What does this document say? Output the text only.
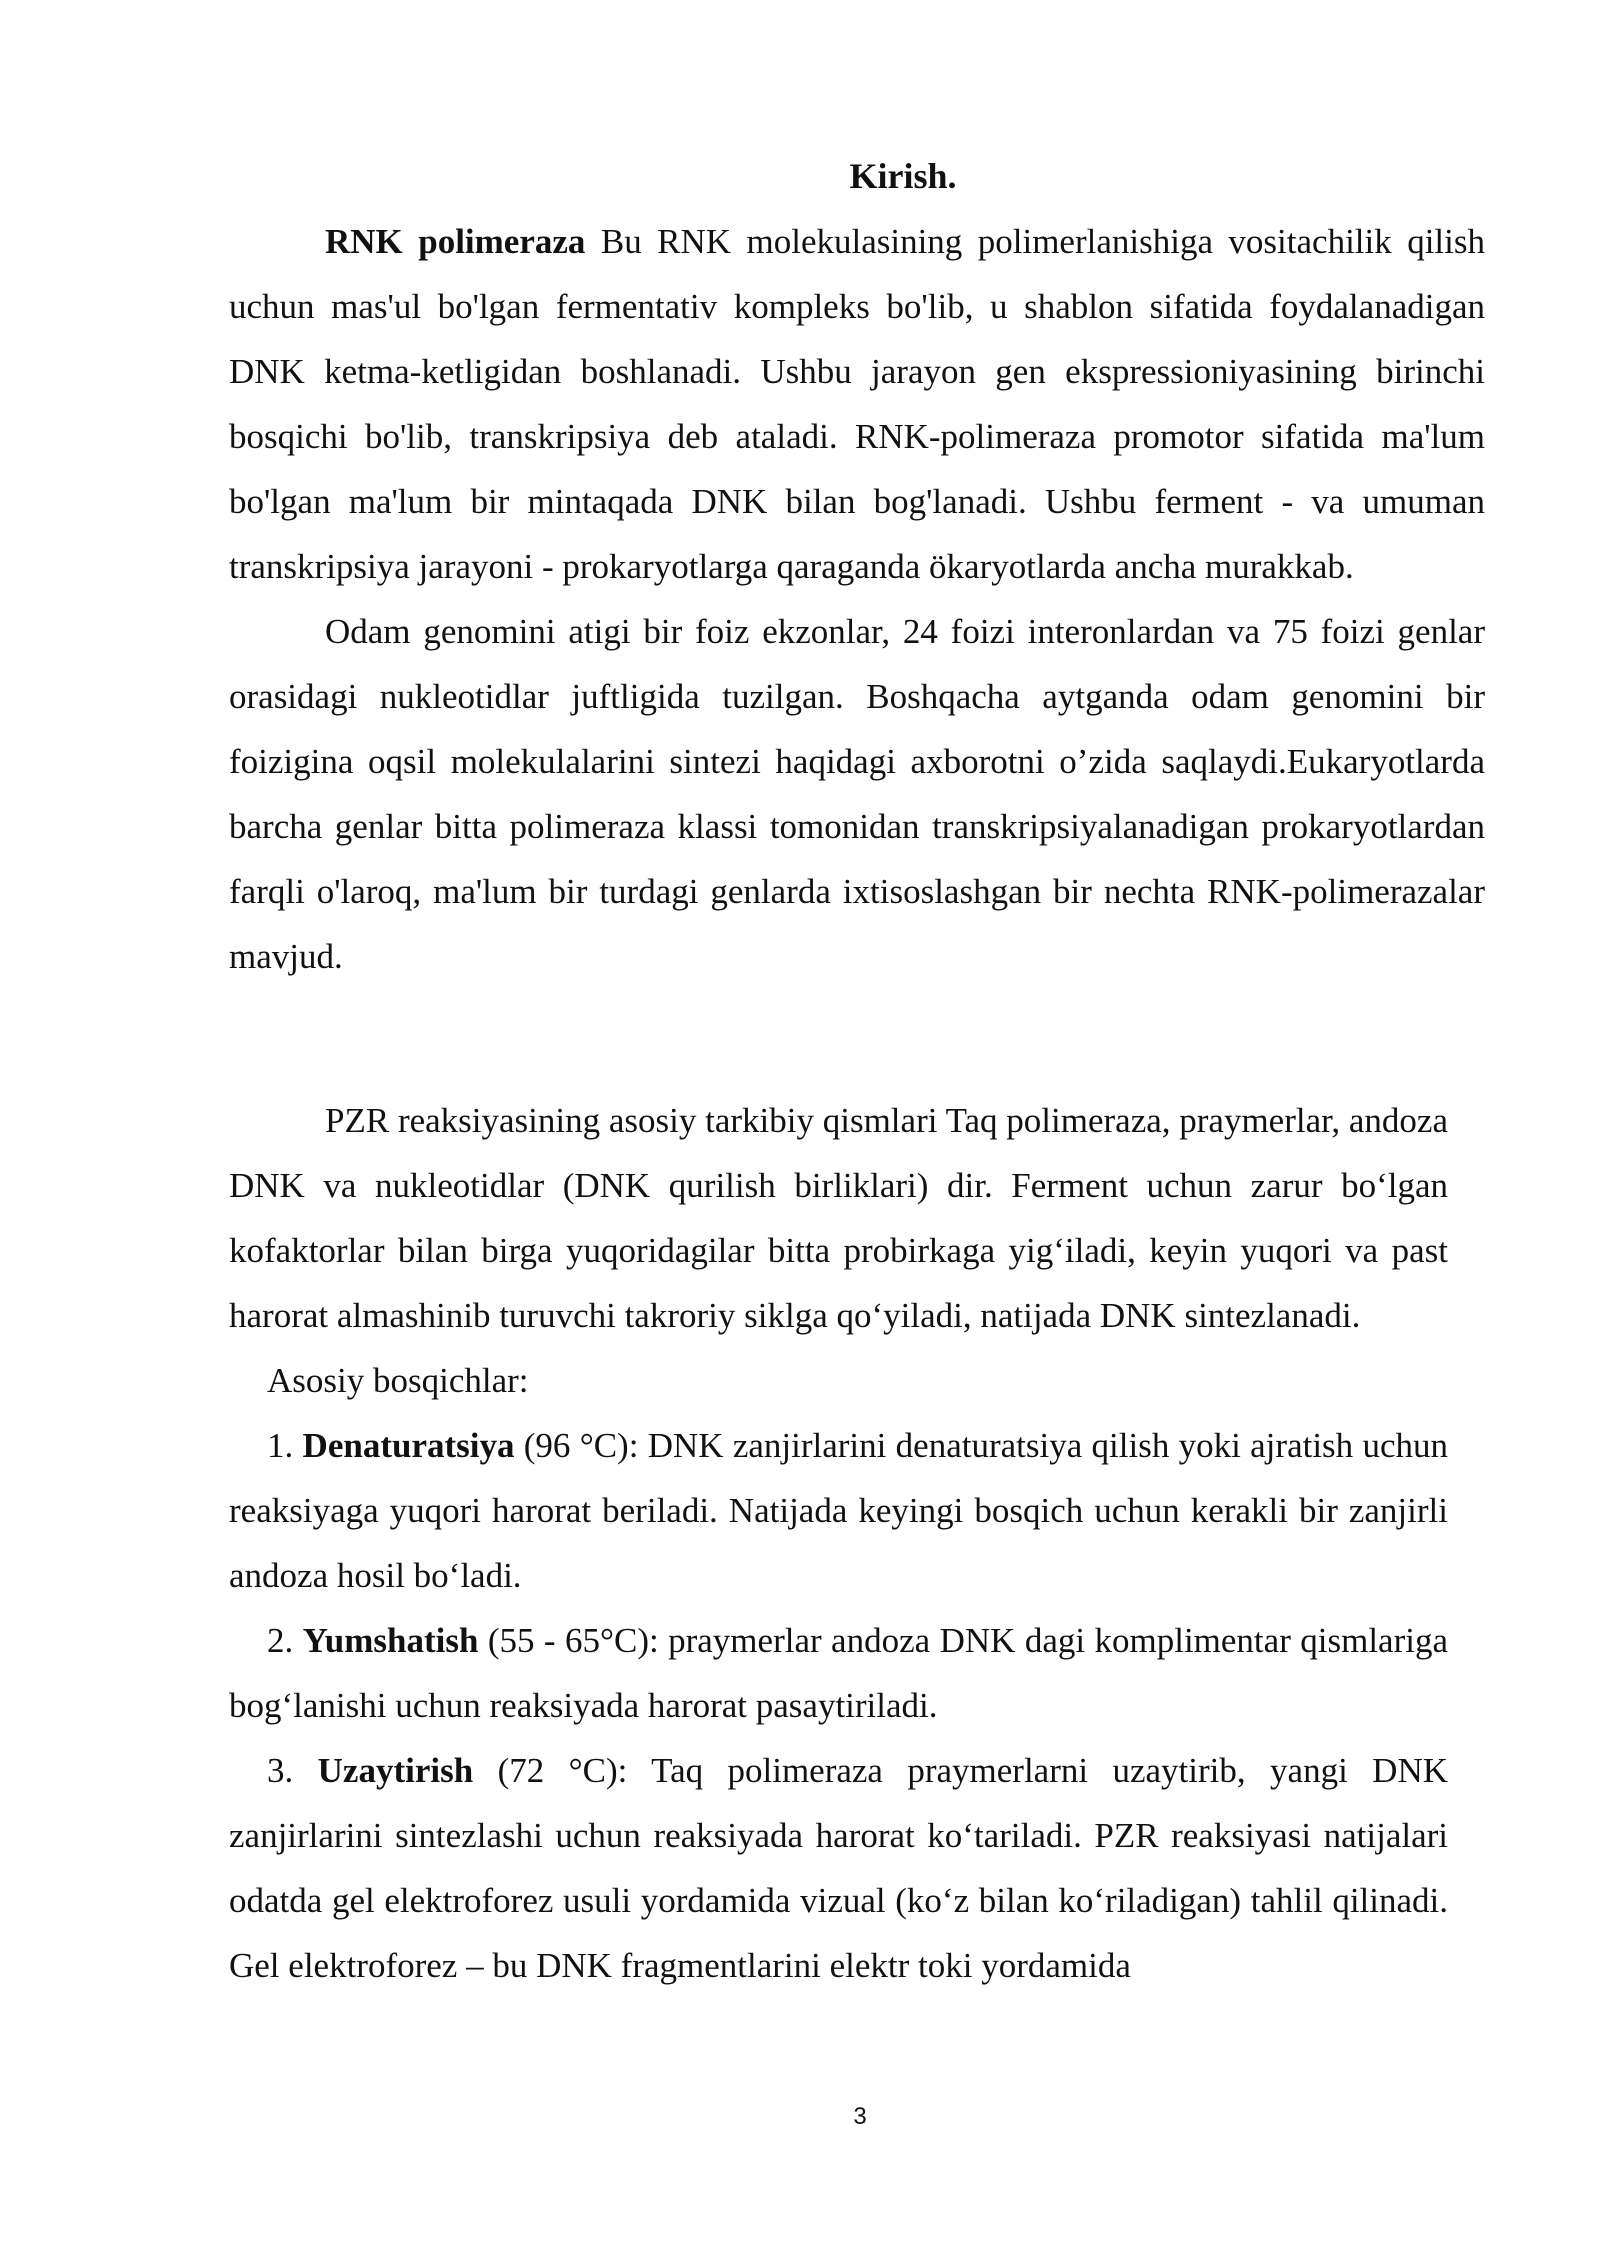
Kirish.

RNK polimeraza Bu RNK molekulasining polimerlanishiga vositachilik qilish uchun mas'ul bo'lgan fermentativ kompleks bo'lib, u shablon sifatida foydalanadigan DNK ketma-ketligidan boshlanadi. Ushbu jarayon gen ekspressioniyasining birinchi bosqichi bo'lib, transkripsiya deb ataladi. RNK-polimeraza promotor sifatida ma'lum bo'lgan ma'lum bir mintaqada DNK bilan bog'lanadi. Ushbu ferment - va umuman transkripsiya jarayoni - prokaryotlarga qaraganda ökaryotlarda ancha murakkab.

Odam genomini atigi bir foiz ekzonlar, 24 foizi interonlardan va 75 foizi genlar orasidagi nukleotidlar juftligida tuzilgan. Boshqacha aytganda odam genomini bir foizigina oqsil molekulalarini sintezi haqidagi axborotni o’zida saqlaydi.Eukaryotlarda barcha genlar bitta polimeraza klassi tomonidan transkripsiyalanadigan prokaryotlardan farqli o'laroq, ma'lum bir turdagi genlarda ixtisoslashgan bir nechta RNK-polimerazalar mavjud.

PZR reaksiyasining asosiy tarkibiy qismlari Taq polimeraza, praymerlar, andoza DNK va nukleotidlar (DNK qurilish birliklari) dir. Ferment uchun zarur bo‘lgan kofaktorlar bilan birga yuqoridagilar bitta probirkaga yig‘iladi, keyin yuqori va past harorat almashinib turuvchi takroriy siklga qo‘yiladi, natijada DNK sintezlanadi.

Asosiy bosqichlar:

1. Denaturatsiya (96 °C): DNK zanjirlarini denaturatsiya qilish yoki ajratish uchun reaksiyaga yuqori harorat beriladi. Natijada keyingi bosqich uchun kerakli bir zanjirli andoza hosil bo‘ladi.

2. Yumshatish (55 - 65°C): praymerlar andoza DNK dagi komplimentar qismlariga bog‘lanishi uchun reaksiyada harorat pasaytiriladi.

3. Uzaytirish (72 °C): Taq polimeraza praymerlarni uzaytirib, yangi DNK zanjirlarini sintezlashi uchun reaksiyada harorat ko‘tariladi. PZR reaksiyasi natijalari odatda gel elektroforez usuli yordamida vizual (ko‘z bilan ko‘riladigan) tahlil qilinadi. Gel elektroforez – bu DNK fragmentlarini elektr toki yordamida

3
